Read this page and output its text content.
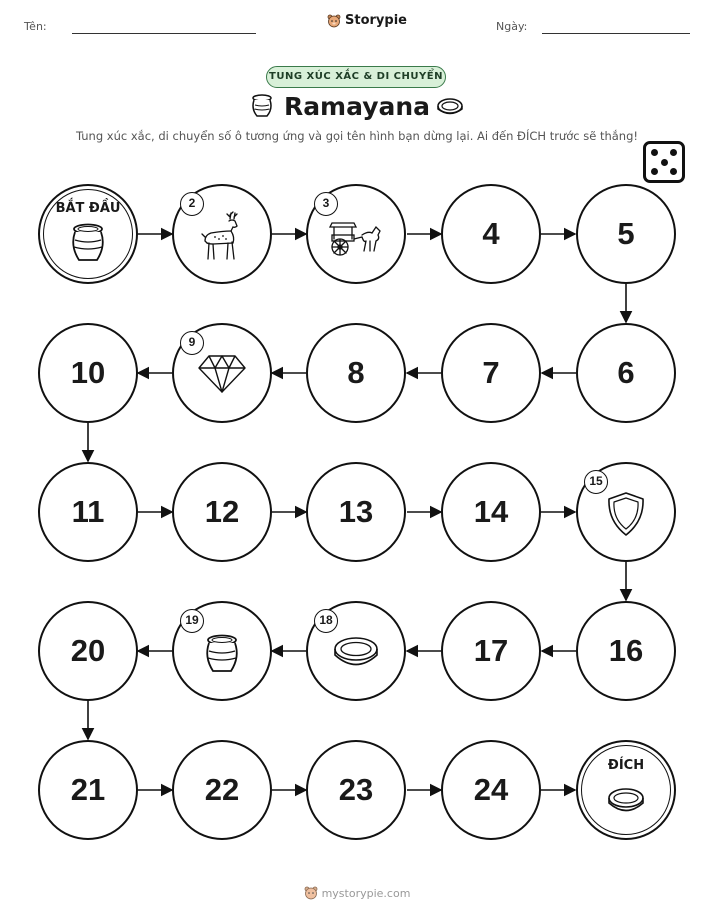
Tên:	Storypie	Ngày:
TUNG XÚC XẮC & DI CHUYỂN
Ramayana
Tung xúc xắc, di chuyển số ô tương ứng và gọi tên hình bạn dừng lại. Ai đến ĐÍCH trước sẽ thắng!
BẮT ĐẦU	2	3
4	5
10
9
8	7	6
11	12	13	14
15
20
19	18
17	16
21	22	23	24
ĐÍCH
mystorypie.com
